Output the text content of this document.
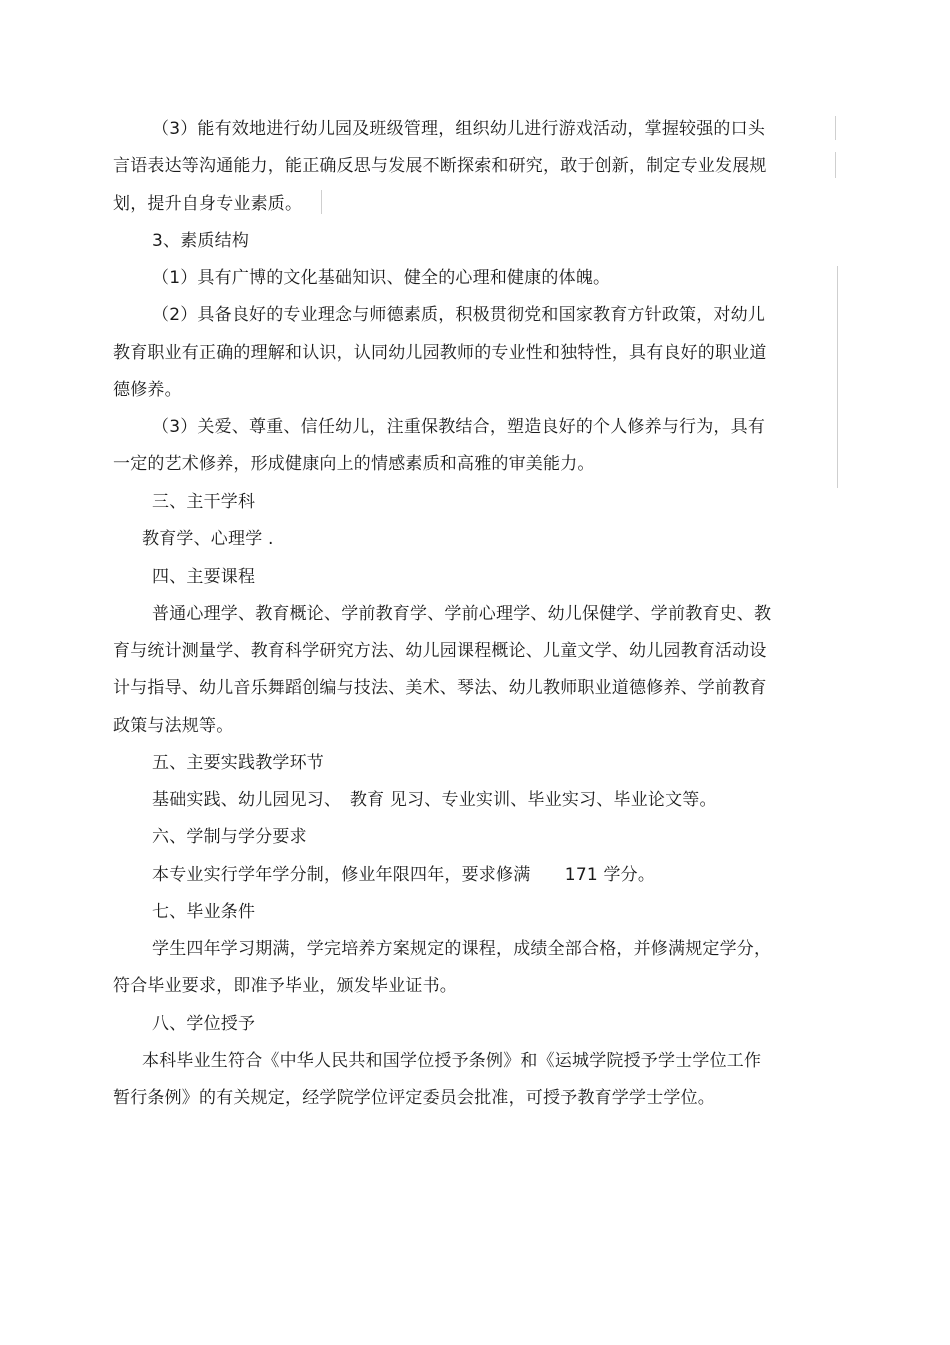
（3）能有效地进行幼儿园及班级管理，组织幼儿进行游戏活动，掌握较强的口头
言语表达等沟通能力，能正确反思与发展不断探索和研究，敢于创新，制定专业发展规
划，提升自身专业素质。
3、素质结构
（1）具有广博的文化基础知识、健全的心理和健康的体魄。
（2）具备良好的专业理念与师德素质，积极贯彻党和国家教育方针政策，对幼儿
教育职业有正确的理解和认识，认同幼儿园教师的专业性和独特性，具有良好的职业道
德修养。
（3）关爱、尊重、信任幼儿，注重保教结合，塑造良好的个人修养与行为，具有
一定的艺术修养，形成健康向上的情感素质和高雅的审美能力。
三、主干学科
教育学、心理学 .
四、主要课程
普通心理学、教育概论、学前教育学、学前心理学、幼儿保健学、学前教育史、教
育与统计测量学、教育科学研究方法、幼儿园课程概论、儿童文学、幼儿园教育活动设
计与指导、幼儿音乐舞蹈创编与技法、美术、琴法、幼儿教师职业道德修养、学前教育
政策与法规等。
五、主要实践教学环节
基础实践、幼儿园见习、　教育 见习、专业实训、毕业实习、毕业论文等。
六、学制与学分要求
本专业实行学年学分制，修业年限四年，要求修满　　171 学分。
七、毕业条件
学生四年学习期满，学完培养方案规定的课程，成绩全部合格，并修满规定学分，
符合毕业要求，即准予毕业，颁发毕业证书。
八、学位授予
本科毕业生符合《中华人民共和国学位授予条例》和《运城学院授予学士学位工作
暂行条例》的有关规定，经学院学位评定委员会批准，可授予教育学学士学位。
